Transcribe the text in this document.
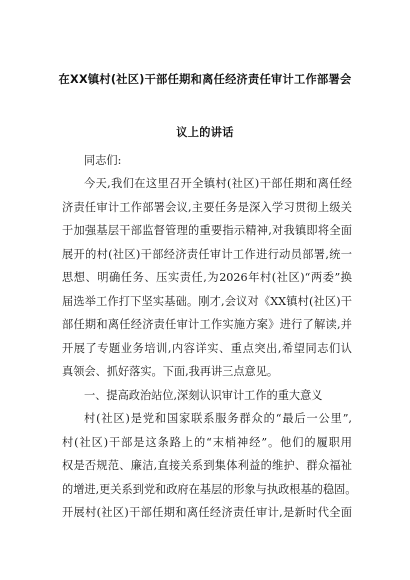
在XX镇村(社区)干部任期和离任经济责任审计工作部署会
议上的讲话
同志们:
今天,我们在这里召开全镇村(社区)干部任期和离任经
济责任审计工作部署会议,主要任务是深入学习贯彻上级关
于加强基层干部监督管理的重要指示精神,对我镇即将全面
展开的村(社区)干部经济责任审计工作进行动员部署,统一
思想、明确任务、压实责任,为2026年村(社区)“两委”换
届选举工作打下坚实基础。刚才,会议对《XX镇村(社区)干
部任期和离任经济责任审计工作实施方案》进行了解读,并
开展了专题业务培训,内容详实、重点突出,希望同志们认
真领会、抓好落实。下面,我再讲三点意见。
一、提高政治站位,深刻认识审计工作的重大意义
村(社区)是党和国家联系服务群众的“最后一公里”,
村(社区)干部是这条路上的“末梢神经”。他们的履职用
权是否规范、廉洁,直接关系到集体利益的维护、群众福祉
的增进,更关系到党和政府在基层的形象与执政根基的稳固。
开展村(社区)干部任期和离任经济责任审计,是新时代全面
